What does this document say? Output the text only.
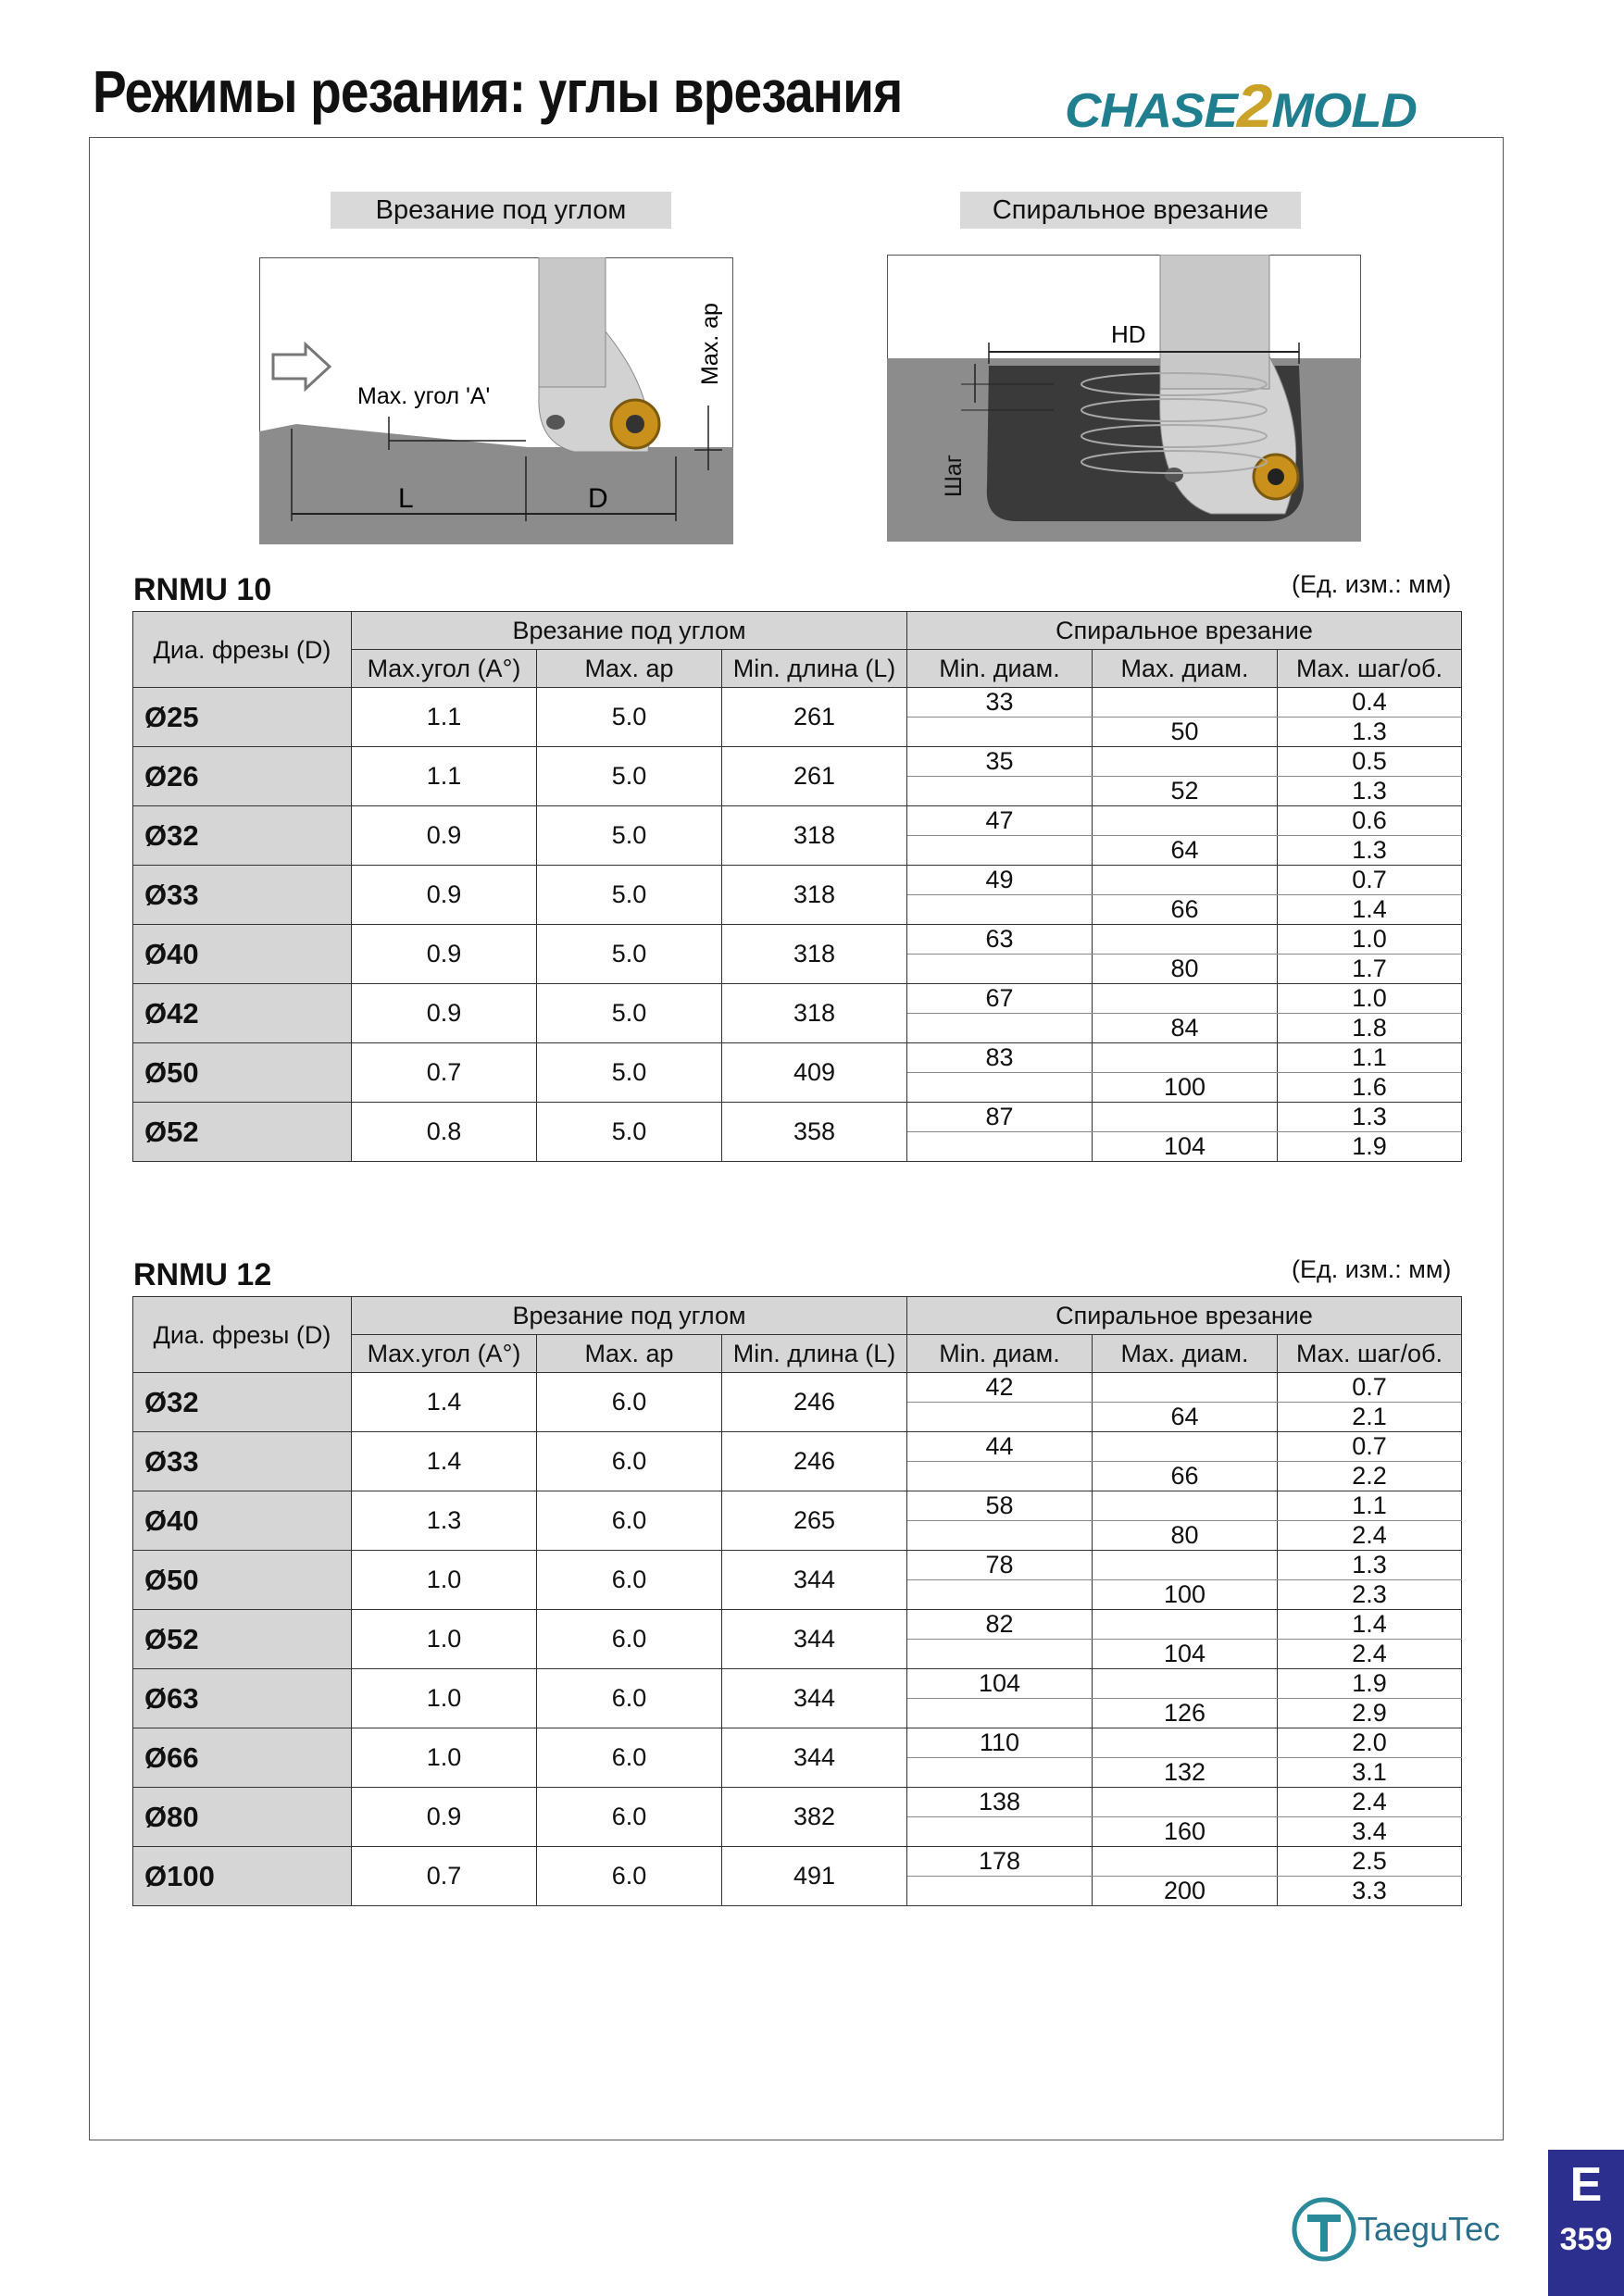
Режимы резания: углы врезания	CHASE2MOLD
Врезание под углом
Max. угол 'A'
L	D
Max. ap
Спиральное врезание
HD
Шаг
RNMU 10	(Ед. изм.: мм)
Диа. фрезы (D)	Врезание под углом			Спиральное врезание		
	Max.угол (A°)	Max. ap	Min. длина (L)	Min. диам.	Max. диам.	Max. шаг/об.
Ø25	1.1	5.0	261	33		0.4
					50	1.3
Ø26	1.1	5.0	261	35		0.5
					52	1.3
Ø32	0.9	5.0	318	47		0.6
					64	1.3
Ø33	0.9	5.0	318	49		0.7
					66	1.4
Ø40	0.9	5.0	318	63		1.0
					80	1.7
Ø42	0.9	5.0	318	67		1.0
					84	1.8
Ø50	0.7	5.0	409	83		1.1
					100	1.6
Ø52	0.8	5.0	358	87		1.3
					104	1.9
RNMU 12	(Ед. изм.: мм)
Диа. фрезы (D)	Врезание под углом			Спиральное врезание		
	Max.угол (A°)	Max. ap	Min. длина (L)	Min. диам.	Max. диам.	Max. шаг/об.
Ø32	1.4	6.0	246	42		0.7
					64	2.1
Ø33	1.4	6.0	246	44		0.7
					66	2.2
Ø40	1.3	6.0	265	58		1.1
					80	2.4
Ø50	1.0	6.0	344	78		1.3
					100	2.3
Ø52	1.0	6.0	344	82		1.4
					104	2.4
Ø63	1.0	6.0	344	104		1.9
					126	2.9
Ø66	1.0	6.0	344	110		2.0
					132	3.1
Ø80	0.9	6.0	382	138		2.4
					160	3.4
Ø100	0.7	6.0	491	178		2.5
					200	3.3
TaeguTec
E
359
